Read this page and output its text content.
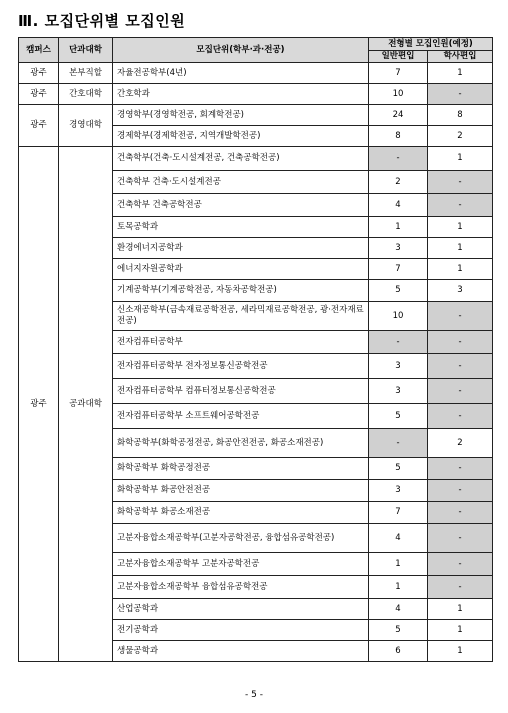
Ⅲ. 모집단위별 모집인원
캠퍼스	단과대학	모집단위(학부·과·전공)	전형별 모집인원(예정)	
			일반편입	학사편입
광주	본부직할	자율전공학부(4년)	7	1
광주	간호대학	간호학과	10	-
광주	경영대학	경영학부(경영학전공, 회계학전공)	24	8
		경제학부(경제학전공, 지역개발학전공)	8	2
광주	공과대학	건축학부(건축·도시설계전공, 건축공학전공)	-	1
		건축학부 건축·도시설계전공	2	-
		건축학부 건축공학전공	4	-
		토목공학과	1	1
		환경에너지공학과	3	1
		에너지자원공학과	7	1
		기계공학부(기계공학전공, 자동차공학전공)	5	3
		신소재공학부(금속재료공학전공, 세라믹재료공학전공, 광·전자재료전공)	10	-
		전자컴퓨터공학부	-	-
		전자컴퓨터공학부 전자정보통신공학전공	3	-
		전자컴퓨터공학부 컴퓨터정보통신공학전공	3	-
		전자컴퓨터공학부 소프트웨어공학전공	5	-
		화학공학부(화학공정전공, 화공안전전공, 화공소재전공)	-	2
		화학공학부 화학공정전공	5	-
		화학공학부 화공안전전공	3	-
		화학공학부 화공소재전공	7	-
		고분자융합소재공학부(고분자공학전공, 융합섬유공학전공)	4	-
		고분자융합소재공학부 고분자공학전공	1	-
		고분자융합소재공학부 융합섬유공학전공	1	-
		산업공학과	4	1
		전기공학과	5	1
		생물공학과	6	1
- 5 -
